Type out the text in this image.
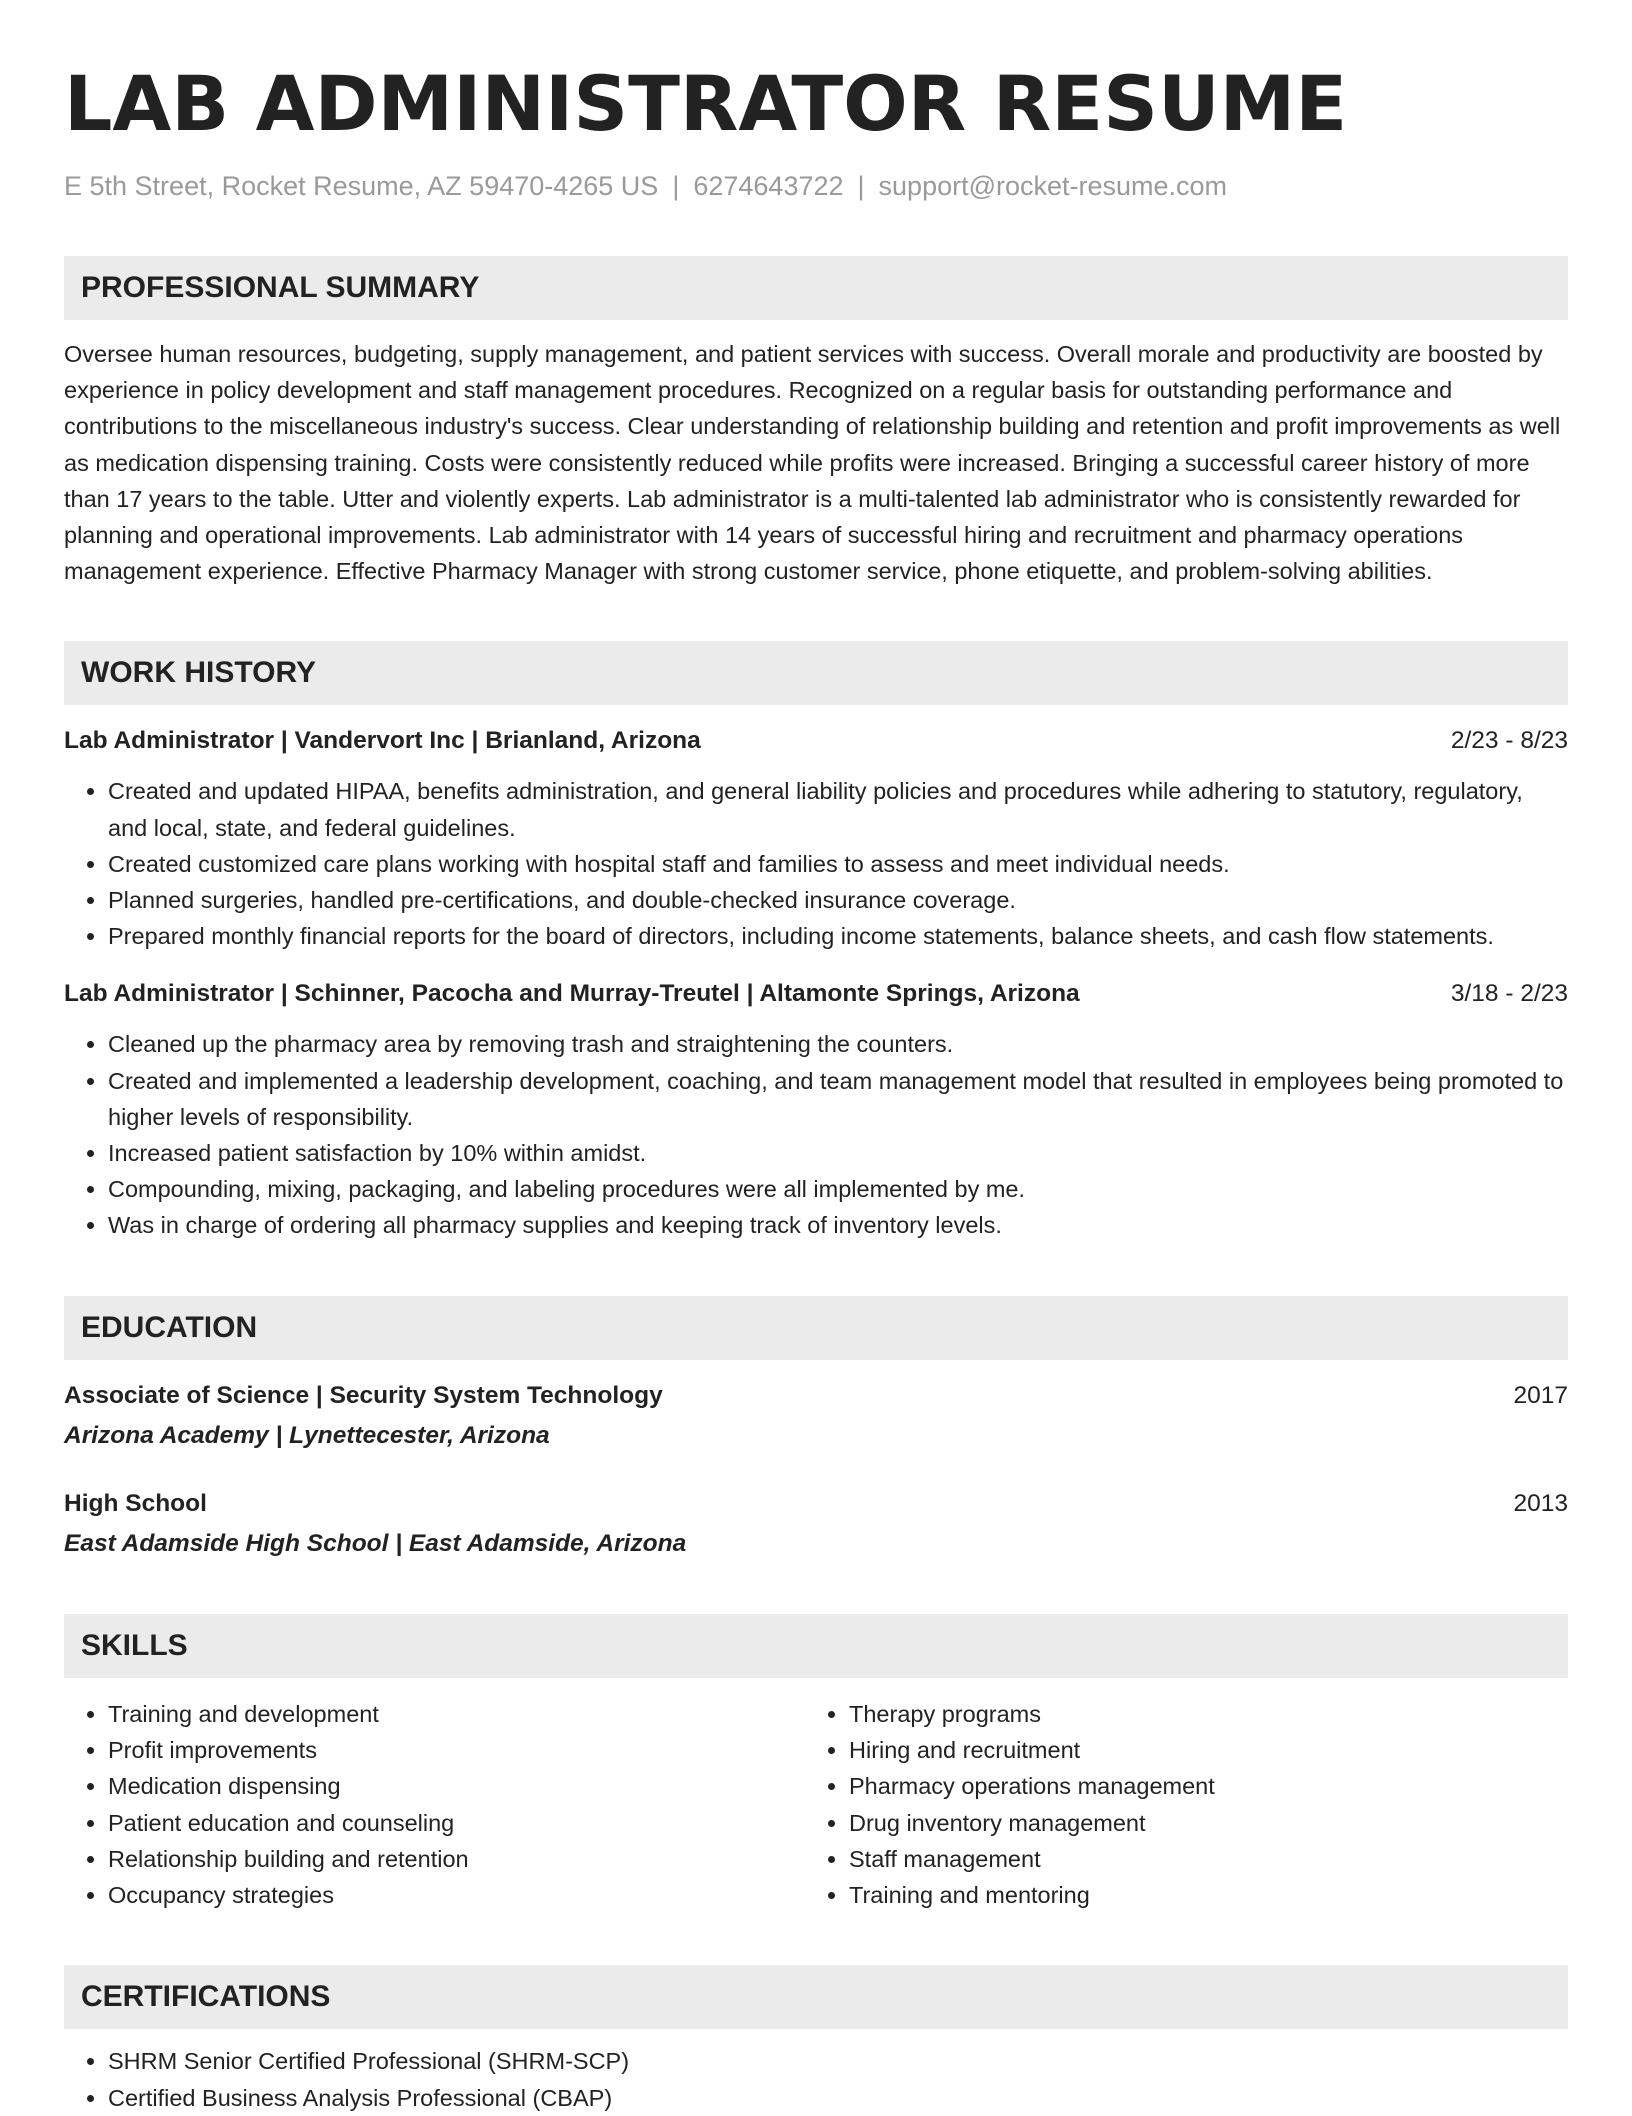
LAB ADMINISTRATOR RESUME
E 5th Street, Rocket Resume, AZ 59470-4265 US | 6274643722 | support@rocket-resume.com
PROFESSIONAL SUMMARY
Oversee human resources, budgeting, supply management, and patient services with success. Overall morale and productivity are boosted by experience in policy development and staff management procedures. Recognized on a regular basis for outstanding performance and contributions to the miscellaneous industry's success. Clear understanding of relationship building and retention and profit improvements as well as medication dispensing training. Costs were consistently reduced while profits were increased. Bringing a successful career history of more than 17 years to the table. Utter and violently experts. Lab administrator is a multi-talented lab administrator who is consistently rewarded for planning and operational improvements. Lab administrator with 14 years of successful hiring and recruitment and pharmacy operations management experience. Effective Pharmacy Manager with strong customer service, phone etiquette, and problem-solving abilities.
WORK HISTORY
Lab Administrator | Vandervort Inc | Brianland, Arizona	2/23 - 8/23
• Created and updated HIPAA, benefits administration, and general liability policies and procedures while adhering to statutory, regulatory, and local, state, and federal guidelines.
• Created customized care plans working with hospital staff and families to assess and meet individual needs.
• Planned surgeries, handled pre-certifications, and double-checked insurance coverage.
• Prepared monthly financial reports for the board of directors, including income statements, balance sheets, and cash flow statements.
Lab Administrator | Schinner, Pacocha and Murray-Treutel | Altamonte Springs, Arizona	3/18 - 2/23
• Cleaned up the pharmacy area by removing trash and straightening the counters.
• Created and implemented a leadership development, coaching, and team management model that resulted in employees being promoted to higher levels of responsibility.
• Increased patient satisfaction by 10% within amidst.
• Compounding, mixing, packaging, and labeling procedures were all implemented by me.
• Was in charge of ordering all pharmacy supplies and keeping track of inventory levels.
EDUCATION
Associate of Science | Security System Technology	2017
Arizona Academy | Lynettecester, Arizona
High School	2013
East Adamside High School | East Adamside, Arizona
SKILLS
• Training and development
• Profit improvements
• Medication dispensing
• Patient education and counseling
• Relationship building and retention
• Occupancy strategies
• Therapy programs
• Hiring and recruitment
• Pharmacy operations management
• Drug inventory management
• Staff management
• Training and mentoring
CERTIFICATIONS
• SHRM Senior Certified Professional (SHRM-SCP)
• Certified Business Analysis Professional (CBAP)
